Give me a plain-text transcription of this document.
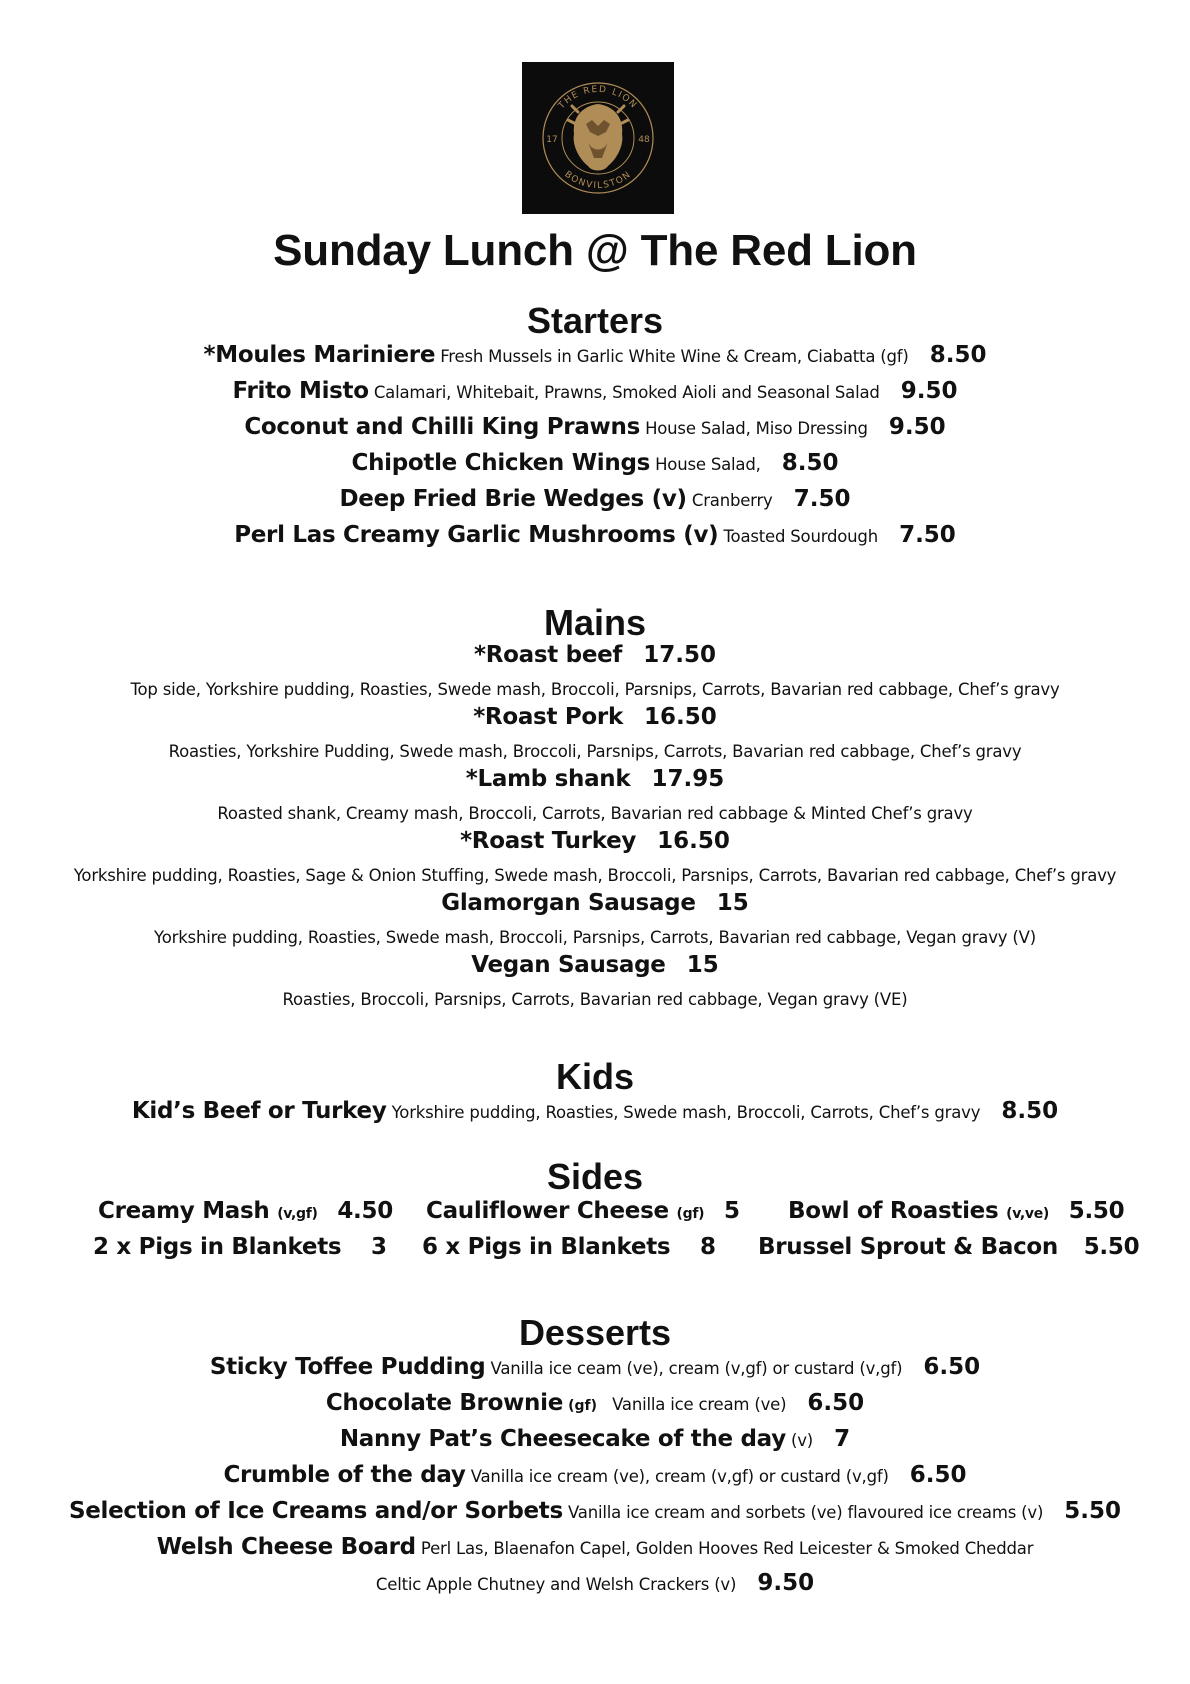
THE RED LION
BONVILSTON
17	48
Sunday Lunch @ The Red Lion
Starters
*Moules Mariniere Fresh Mussels in Garlic White Wine & Cream, Ciabatta (gf) 8.50
Frito Misto Calamari, Whitebait, Prawns, Smoked Aioli and Seasonal Salad 9.50
Coconut and Chilli King Prawns House Salad, Miso Dressing 9.50
Chipotle Chicken Wings House Salad, 8.50
Deep Fried Brie Wedges (v) Cranberry 7.50
Perl Las Creamy Garlic Mushrooms (v) Toasted Sourdough 7.50
Mains
*Roast beef 17.50
Top side, Yorkshire pudding, Roasties, Swede mash, Broccoli, Parsnips, Carrots, Bavarian red cabbage, Chef’s gravy
*Roast Pork 16.50
Roasties, Yorkshire Pudding, Swede mash, Broccoli, Parsnips, Carrots, Bavarian red cabbage, Chef’s gravy
*Lamb shank 17.95
Roasted shank, Creamy mash, Broccoli, Carrots, Bavarian red cabbage & Minted Chef’s gravy
*Roast Turkey 16.50
Yorkshire pudding, Roasties, Sage & Onion Stuffing, Swede mash, Broccoli, Parsnips, Carrots, Bavarian red cabbage, Chef’s gravy
Glamorgan Sausage 15
Yorkshire pudding, Roasties, Swede mash, Broccoli, Parsnips, Carrots, Bavarian red cabbage, Vegan gravy (V)
Vegan Sausage 15
Roasties, Broccoli, Parsnips, Carrots, Bavarian red cabbage, Vegan gravy (VE)
Kids
Kid’s Beef or Turkey Yorkshire pudding, Roasties, Swede mash, Broccoli, Carrots, Chef’s gravy 8.50
Sides
Creamy Mash (v,gf) 4.50 Cauliflower Cheese (gf) 5 Bowl of Roasties (v,ve) 5.50
2 x Pigs in Blankets 3 6 x Pigs in Blankets 8 Brussel Sprout & Bacon 5.50
Desserts
Sticky Toffee Pudding Vanilla ice ceam (ve), cream (v,gf) or custard (v,gf) 6.50
Chocolate Brownie (gf) Vanilla ice cream (ve) 6.50
Nanny Pat’s Cheesecake of the day (v) 7
Crumble of the day Vanilla ice cream (ve), cream (v,gf) or custard (v,gf) 6.50
Selection of Ice Creams and/or Sorbets Vanilla ice cream and sorbets (ve) flavoured ice creams (v) 5.50
Welsh Cheese Board Perl Las, Blaenafon Capel, Golden Hooves Red Leicester & Smoked Cheddar
Celtic Apple Chutney and Welsh Crackers (v) 9.50
